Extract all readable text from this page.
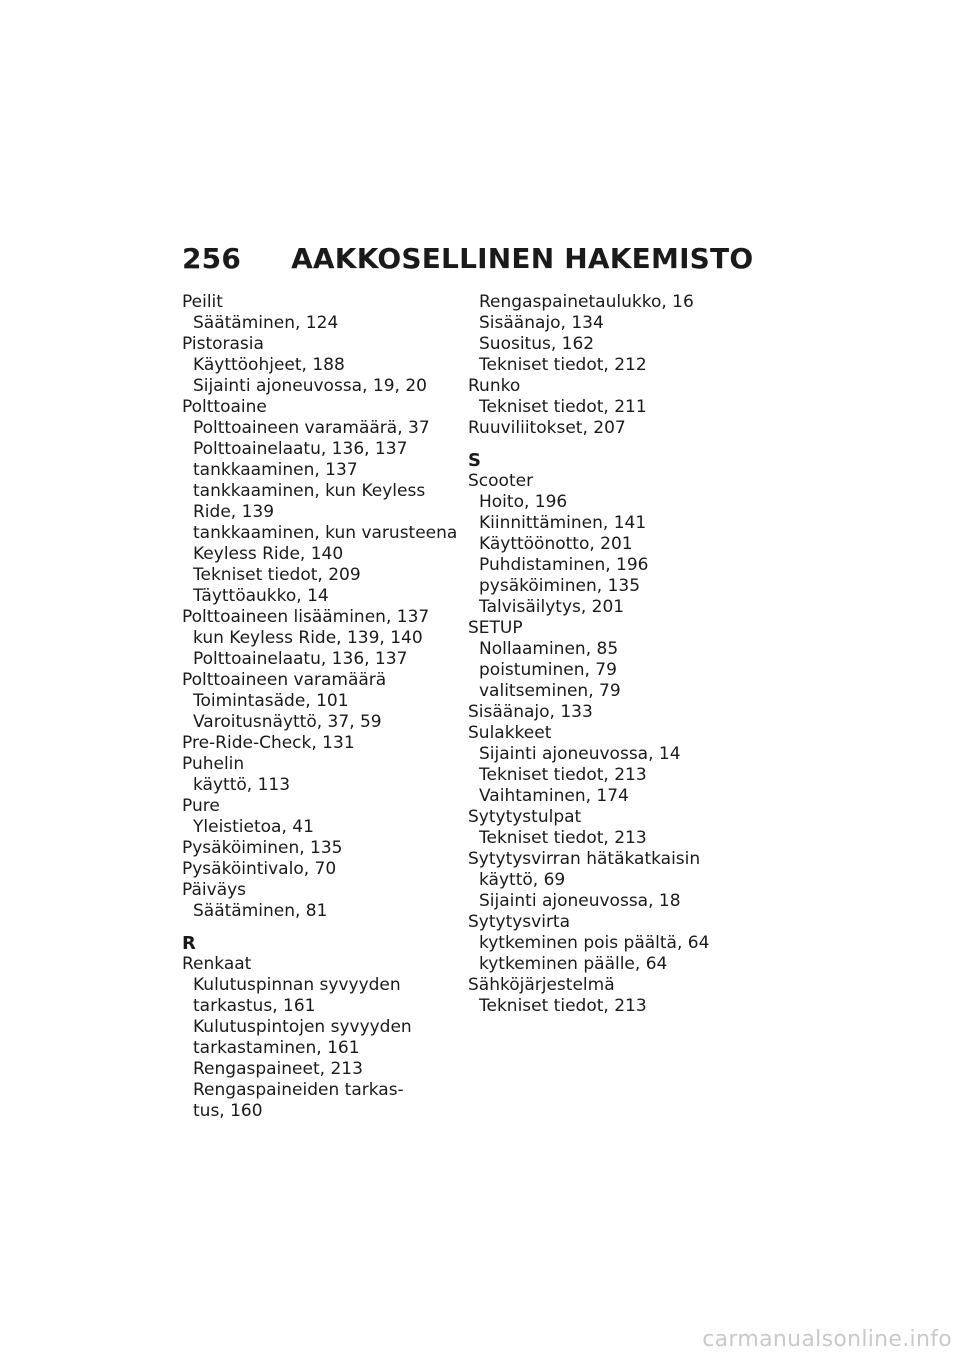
256 AAKKOSELLINEN HAKEMISTO
Peilit
Säätäminen, 124
Pistorasia
Käyttöohjeet, 188
Sijainti ajoneuvossa, 19, 20
Polttoaine
Polttoaineen varamäärä, 37
Polttoainelaatu, 136, 137
tankkaaminen, 137
tankkaaminen, kun Keyless
Ride, 139
tankkaaminen, kun varusteena
Keyless Ride, 140
Tekniset tiedot, 209
Täyttöaukko, 14
Polttoaineen lisääminen, 137
kun Keyless Ride, 139, 140
Polttoainelaatu, 136, 137
Polttoaineen varamäärä
Toimintasäde, 101
Varoitusnäyttö, 37, 59
Pre-Ride-Check, 131
Puhelin
käyttö, 113
Pure
Yleistietoa, 41
Pysäköiminen, 135
Pysäköintivalo, 70
Päiväys
Säätäminen, 81
R
Renkaat
Kulutuspinnan syvyyden
tarkastus, 161
Kulutuspintojen syvyyden
tarkastaminen, 161
Rengaspaineet, 213
Rengaspaineiden tarkas-
tus, 160
Rengaspainetaulukko, 16
Sisäänajo, 134
Suositus, 162
Tekniset tiedot, 212
Runko
Tekniset tiedot, 211
Ruuviliitokset, 207
S
Scooter
Hoito, 196
Kiinnittäminen, 141
Käyttöönotto, 201
Puhdistaminen, 196
pysäköiminen, 135
Talvisäilytys, 201
SETUP
Nollaaminen, 85
poistuminen, 79
valitseminen, 79
Sisäänajo, 133
Sulakkeet
Sijainti ajoneuvossa, 14
Tekniset tiedot, 213
Vaihtaminen, 174
Sytytystulpat
Tekniset tiedot, 213
Sytytysvirran hätäkatkaisin
käyttö, 69
Sijainti ajoneuvossa, 18
Sytytysvirta
kytkeminen pois päältä, 64
kytkeminen päälle, 64
Sähköjärjestelmä
Tekniset tiedot, 213
carmanualsonline.info
